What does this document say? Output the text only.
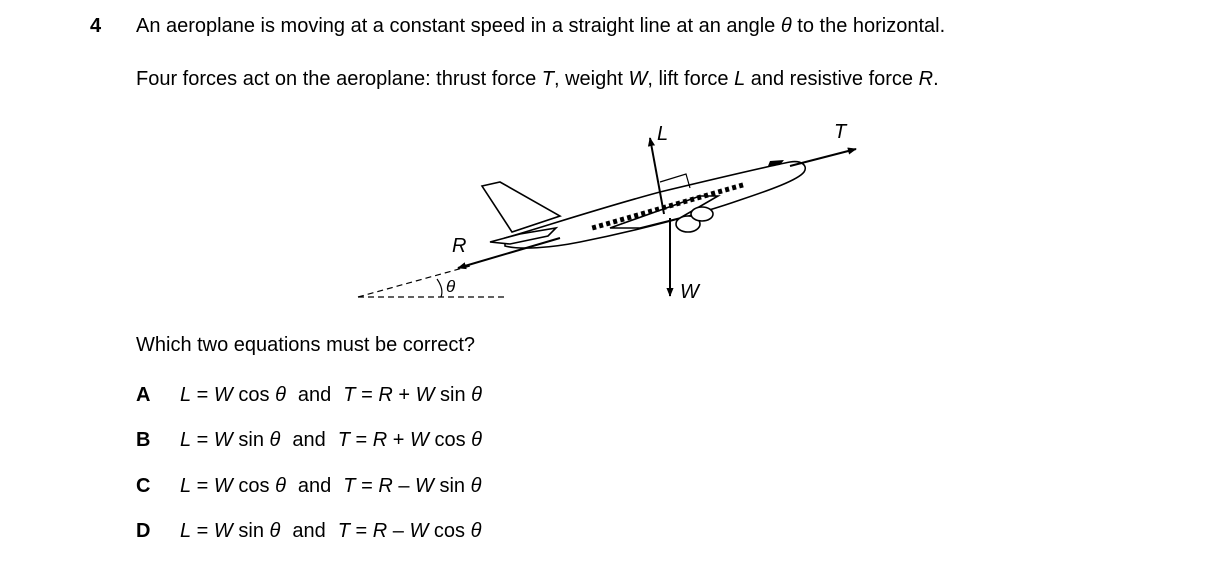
4 An aeroplane is moving at a constant speed in a straight line at an angle θ to the horizontal.
Four forces act on the aeroplane: thrust force T, weight W, lift force L and resistive force R.
L	T
R
W
θ
Which two equations must be correct?
A L = W cos θ and T = R + W sin θ
B L = W sin θ and T = R + W cos θ
C L = W cos θ and T = R – W sin θ
D L = W sin θ and T = R – W cos θ
